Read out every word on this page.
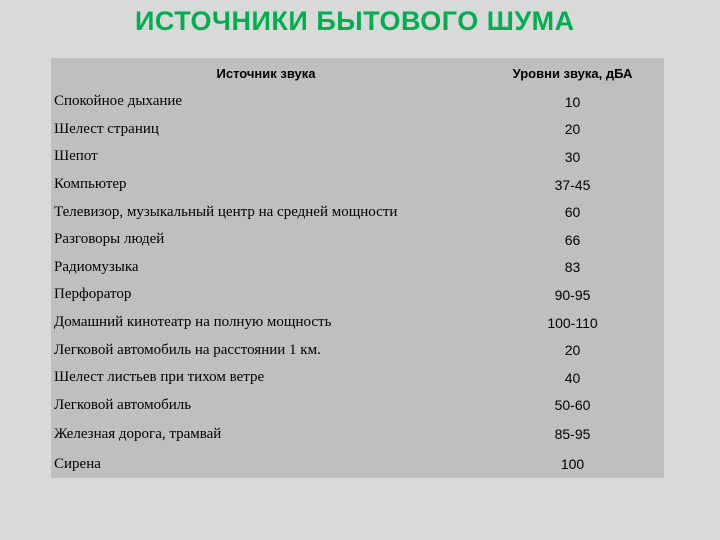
ИСТОЧНИКИ БЫТОВОГО ШУМА
Источник звука	Уровни звука, дБА
Спокойное дыхание	10
Шелест страниц	20
Шепот	30
Компьютер	37-45
Телевизор, музыкальный центр на средней мощности	60
Разговоры людей	66
Радиомузыка	83
Перфоратор	90-95
Домашний кинотеатр на полную мощность	100-110
Легковой автомобиль на расстоянии 1 км.	20
Шелест листьев при тихом ветре	40
Легковой автомобиль	50-60
Железная дорога, трамвай	85-95
Сирена	100
